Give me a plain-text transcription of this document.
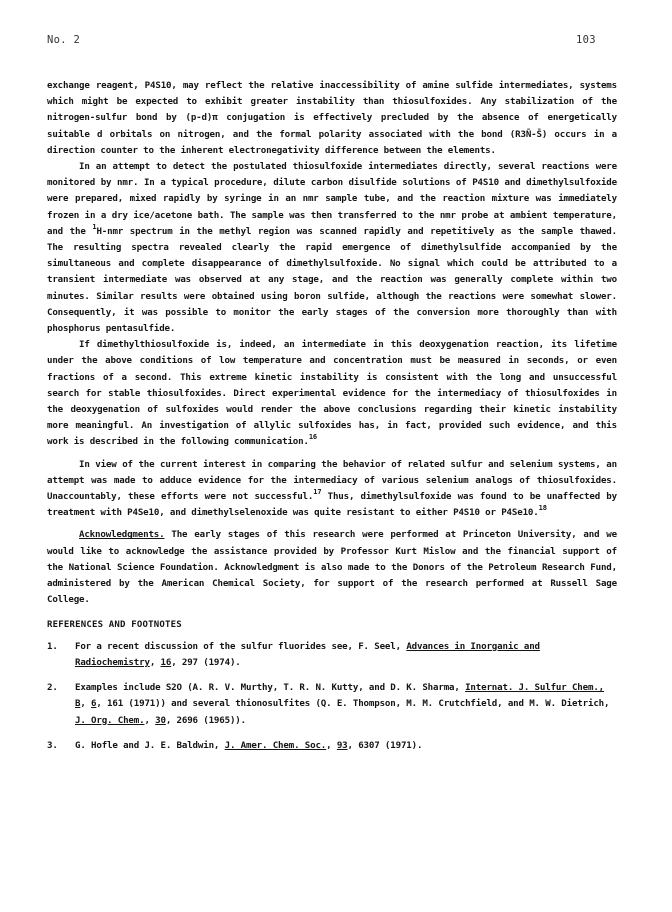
No. 2	103

exchange reagent, P4S10, may reflect the relative inaccessibility of amine sulfide intermediates, systems which might be expected to exhibit greater instability than thiosulfoxides. Any stabilization of the nitrogen-sulfur bond by (p-d)π conjugation is effectively precluded by the absence of energetically suitable d orbitals on nitrogen, and the formal polarity associated with the bond (R3N̄-S̄) occurs in a direction counter to the inherent electronegativity difference between the elements.

In an attempt to detect the postulated thiosulfoxide intermediates directly, several reactions were monitored by nmr. In a typical procedure, dilute carbon disulfide solutions of P4S10 and dimethylsulfoxide were prepared, mixed rapidly by syringe in an nmr sample tube, and the reaction mixture was immediately frozen in a dry ice/acetone bath. The sample was then transferred to the nmr probe at ambient temperature, and the $^1$H-nmr spectrum in the methyl region was scanned rapidly and repetitively as the sample thawed. The resulting spectra revealed clearly the rapid emergence of dimethylsulfide accompanied by the simultaneous and complete disappearance of dimethylsulfoxide. No signal which could be attributed to a transient intermediate was observed at any stage, and the reaction was generally complete within two minutes. Similar results were obtained using boron sulfide, although the reactions were somewhat slower. Consequently, it was possible to monitor the early stages of the conversion more thoroughly than with phosphorus pentasulfide.

If dimethylthiosulfoxide is, indeed, an intermediate in this deoxygenation reaction, its lifetime under the above conditions of low temperature and concentration must be measured in seconds, or even fractions of a second. This extreme kinetic instability is consistent with the long and unsuccessful search for stable thiosulfoxides. Direct experimental evidence for the intermediacy of thiosulfoxides in the deoxygenation of sulfoxides would render the above conclusions regarding their kinetic instability more meaningful. An investigation of allylic sulfoxides has, in fact, provided such evidence, and this work is described in the following communication.$^{16}$

In view of the current interest in comparing the behavior of related sulfur and selenium systems, an attempt was made to adduce evidence for the intermediacy of various selenium analogs of thiosulfoxides. Unaccountably, these efforts were not successful.$^{17}$ Thus, dimethylsulfoxide was found to be unaffected by treatment with P4Se10, and dimethylselenoxide was quite resistant to either P4S10 or P4Se10.18

Acknowledgments. The early stages of this research were performed at Princeton University, and we would like to acknowledge the assistance provided by Professor Kurt Mislow and the financial support of the National Science Foundation. Acknowledgment is also made to the Donors of the Petroleum Research Fund, administered by the American Chemical Society, for support of the research performed at Russell Sage College.

REFERENCES AND FOOTNOTES

1.	For a recent discussion of the sulfur fluorides see, F. Seel, Advances in Inorganic and Radiochemistry, 16, 297 (1974).
2.	Examples include S2O (A. R. V. Murthy, T. R. N. Kutty, and D. K. Sharma, Internat. J. Sulfur Chem., B, 6, 161 (1971)) and several thionosulfites (Q. E. Thompson, M. M. Crutchfield, and M. W. Dietrich, J. Org. Chem., 30, 2696 (1965)).
3.	G. Hofle and J. E. Baldwin, J. Amer. Chem. Soc., 93, 6307 (1971).
